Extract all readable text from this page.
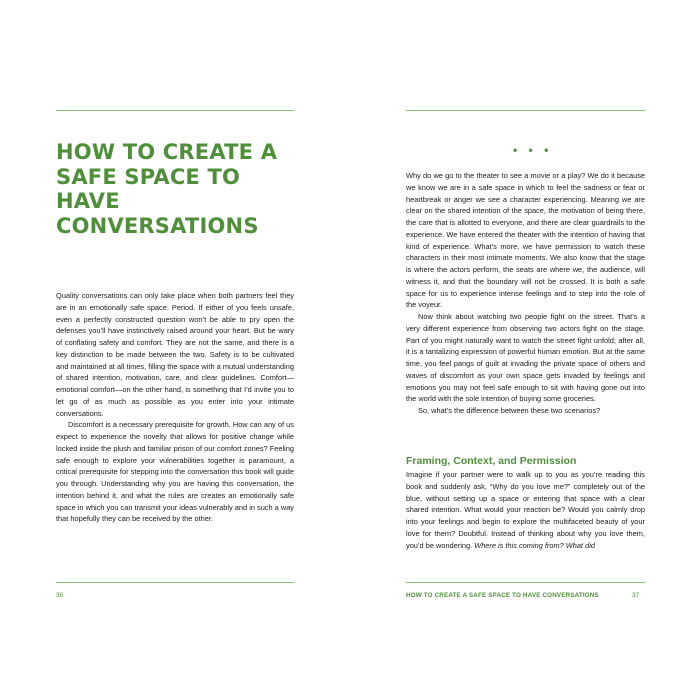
HOW TO CREATE A SAFE SPACE TO HAVE CONVERSATIONS

Quality conversations can only take place when both partners feel they are in an emotionally safe space. Period. If either of you feels unsafe, even a perfectly constructed question won’t be able to pry open the defenses you’ll have instinctively raised around your heart. But be wary of conflating safety and comfort. They are not the same, and there is a key distinction to be made between the two. Safety is to be cultivated and maintained at all times, filling the space with a mutual understanding of shared intention, motivation, care, and clear guidelines. Comfort—emotional comfort—on the other hand, is something that I’d invite you to let go of as much as possible as you enter into your intimate conversations.

Discomfort is a necessary prerequisite for growth. How can any of us expect to experience the novelty that allows for positive change while locked inside the plush and familiar prison of our comfort zones? Feeling safe enough to explore your vulnerabilities together is paramount, a critical prerequisite for stepping into the conversation this book will guide you through. Understanding why you are having this conversation, the intention behind it, and what the rules are creates an emotionally safe space in which you can transmit your ideas vulnerably and in such a way that hopefully they can be received by the other.

36
• • •

Why do we go to the theater to see a movie or a play? We do it because we know we are in a safe space in which to feel the sadness or fear or heartbreak or anger we see a character experiencing. Meaning we are clear on the shared intention of the space, the motivation of being there, the care that is allotted to everyone, and there are clear guardrails to the experience. We have entered the theater with the intention of having that kind of experience. What’s more, we have permission to watch these characters in their most intimate moments. We also know that the stage is where the actors perform, the seats are where we, the audience, will witness it, and that the boundary will not be crossed. It is both a safe space for us to experience intense feelings and to step into the role of the voyeur.

Now think about watching two people fight on the street. That’s a very different experience from observing two actors fight on the stage. Part of you might naturally want to watch the street fight unfold; after all, it is a tantalizing expression of powerful human emotion. But at the same time, you feel pangs of guilt at invading the private space of others and waves of discomfort as your own space gets invaded by feelings and emotions you may not feel safe enough to sit with having gone out into the world with the sole intention of buying some groceries.

So, what’s the difference between these two scenarios?

Framing, Context, and Permission

Imagine if your partner were to walk up to you as you’re reading this book and suddenly ask, “Why do you love me?” completely out of the blue, without setting up a space or entering that space with a clear shared intention. What would your reaction be? Would you calmly drop into your feelings and begin to explore the multifaceted beauty of your love for them? Doubtful. Instead of thinking about why you love them, you’d be wondering. Where is this coming from? What did

HOW TO CREATE A SAFE SPACE TO HAVE CONVERSATIONS	37
